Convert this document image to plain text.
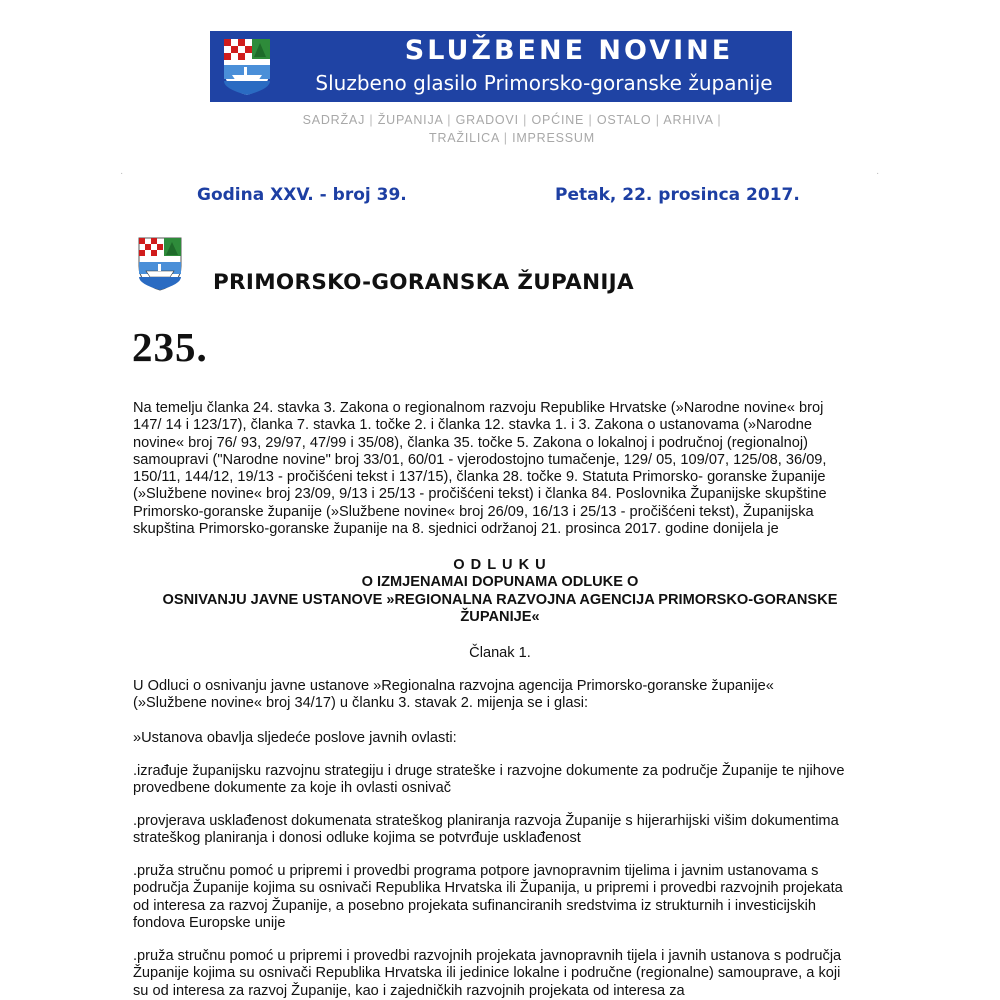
SLUŽBENE NOVINE
Sluzbeno glasilo Primorsko-goranske županije
SADRŽAJ | ŽUPANIJA | GRADOVI | OPĆINE | OSTALO | ARHIVA |
TRAŽILICA | IMPRESSUM
·	·
Godina XXV. - broj 39.	Petak, 22. prosinca 2017.
PRIMORSKO-GORANSKA ŽUPANIJA
235.
Na temelju članka 24. stavka 3. Zakona o regionalnom razvoju Republike Hrvatske (»Narodne novine« broj 147/ 14 i 123/17), članka 7. stavka 1. točke 2. i članka 12. stavka 1. i 3. Zakona o ustanovama (»Narodne novine« broj 76/ 93, 29/97, 47/99 i 35/08), članka 35. točke 5. Zakona o lokalnoj i područnoj (regionalnoj) samoupravi ("Narodne novine" broj 33/01, 60/01 - vjerodostojno tumačenje, 129/ 05, 109/07, 125/08, 36/09, 150/11, 144/12, 19/13 - pročišćeni tekst i 137/15), članka 28. točke 9. Statuta Primorsko- goranske županije (»Službene novine« broj 23/09, 9/13 i 25/13 - pročišćeni tekst) i članka 84. Poslovnika Županijske skupštine Primorsko-goranske županije (»Službene novine« broj 26/09, 16/13 i 25/13 - pročišćeni tekst), Županijska skupština Primorsko-goranske županije na 8. sjednici održanoj 21. prosinca 2017. godine donijela je
O D L U K U
O IZMJENAMAI DOPUNAMA ODLUKE O
OSNIVANJU JAVNE USTANOVE »REGIONALNA RAZVOJNA AGENCIJA PRIMORSKO-GORANSKE
ŽUPANIJE«
Članak 1.
U Odluci o osnivanju javne ustanove »Regionalna razvojna agencija Primorsko-goranske županije« (»Službene novine« broj 34/17) u članku 3. stavak 2. mijenja se i glasi:
»Ustanova obavlja sljedeće poslove javnih ovlasti:
.izrađuje županijsku razvojnu strategiju i druge strateške i razvojne dokumente za područje Županije te njihove provedbene dokumente za koje ih ovlasti osnivač
.provjerava usklađenost dokumenata strateškog planiranja razvoja Županije s hijerarhijski višim dokumentima strateškog planiranja i donosi odluke kojima se potvrđuje usklađenost
.pruža stručnu pomoć u pripremi i provedbi programa potpore javnopravnim tijelima i javnim ustanovama s područja Županije kojima su osnivači Republika Hrvatska ili Županija, u pripremi i provedbi razvojnih projekata od interesa za razvoj Županije, a posebno projekata sufinanciranih sredstvima iz strukturnih i investicijskih fondova Europske unije
.pruža stručnu pomoć u pripremi i provedbi razvojnih projekata javnopravnih tijela i javnih ustanova s područja Županije kojima su osnivači Republika Hrvatska ili jedinice lokalne i područne (regionalne) samouprave, a koji su od interesa za razvoj Županije, kao i zajedničkih razvojnih projekata od interesa za
